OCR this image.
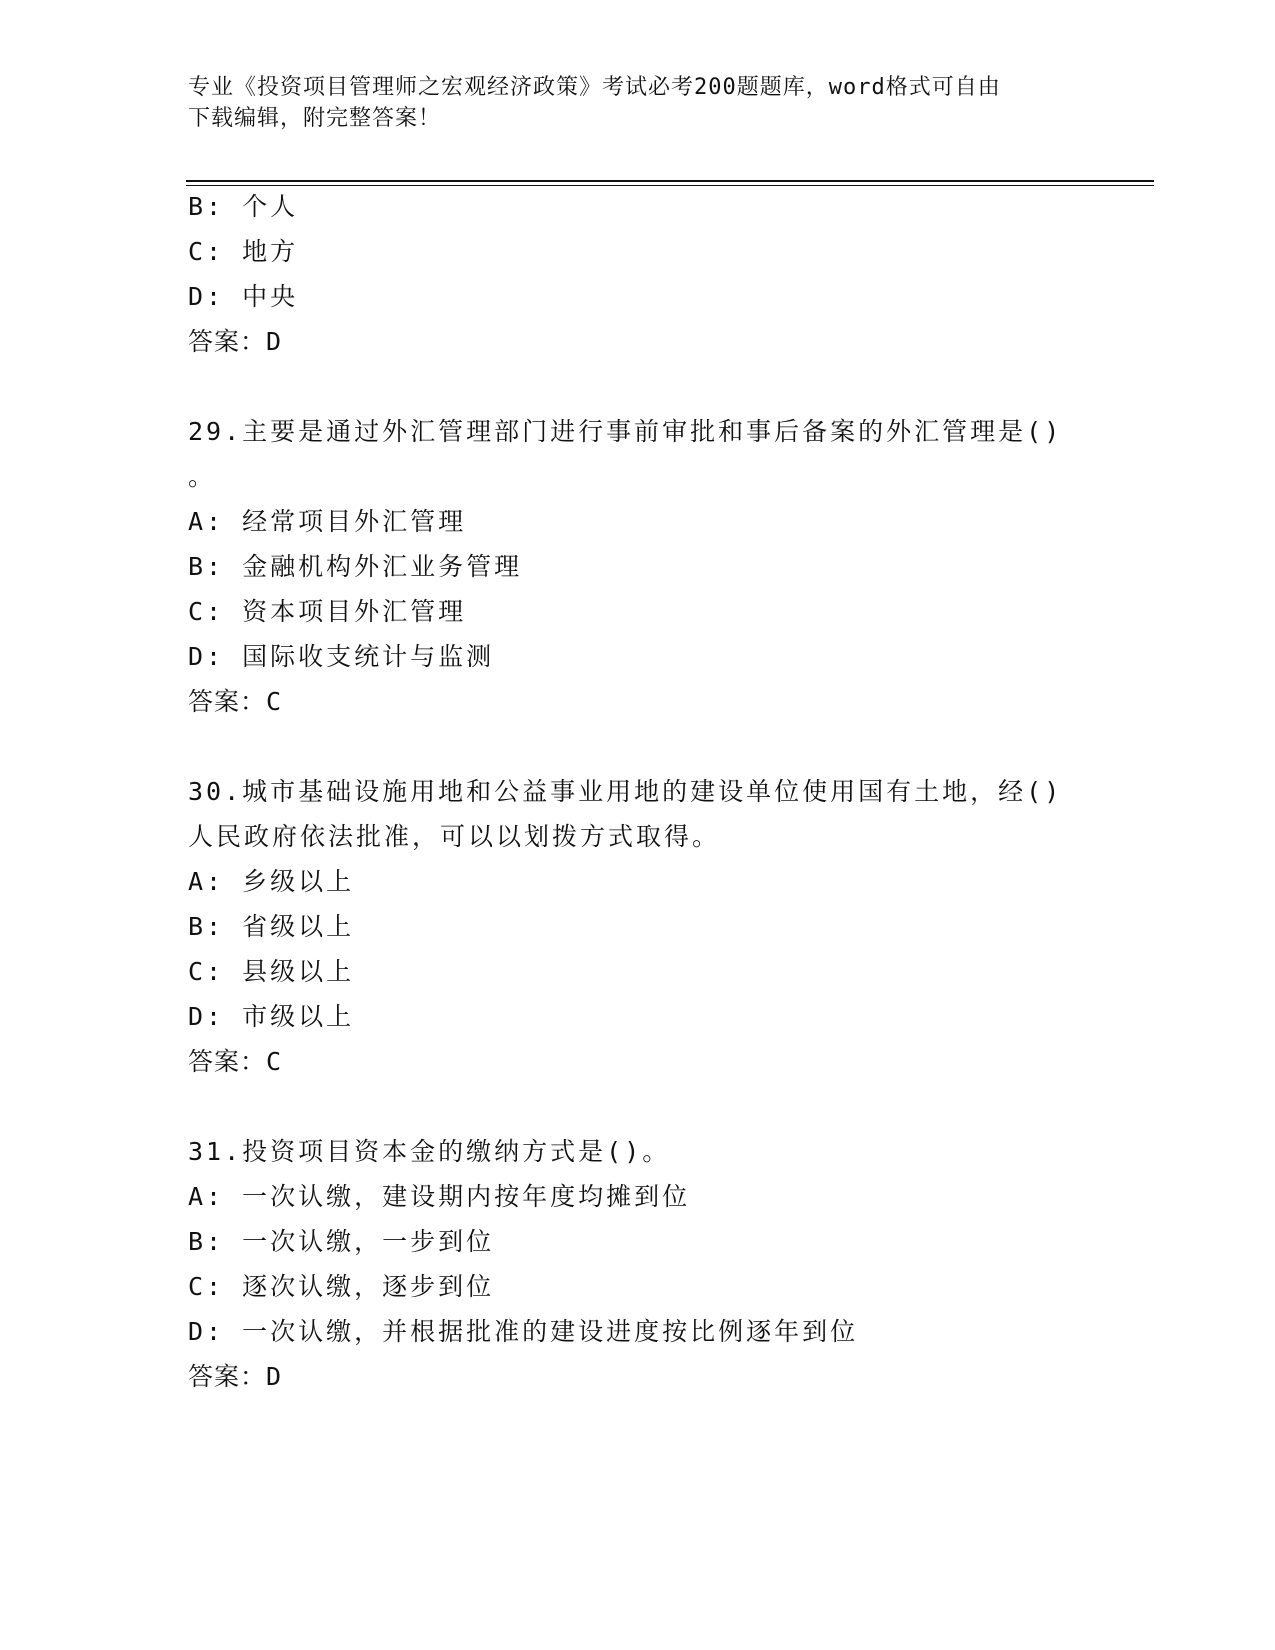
专业《投资项目管理师之宏观经济政策》考试必考200题题库，word格式可自由
下载编辑，附完整答案！
B: 个人
C: 地方
D: 中央
答案：D
29.主要是通过外汇管理部门进行事前审批和事后备案的外汇管理是()
。
A: 经常项目外汇管理
B: 金融机构外汇业务管理
C: 资本项目外汇管理
D: 国际收支统计与监测
答案：C
30.城市基础设施用地和公益事业用地的建设单位使用国有土地，经()
人民政府依法批准，可以以划拨方式取得。
A: 乡级以上
B: 省级以上
C: 县级以上
D: 市级以上
答案：C
31.投资项目资本金的缴纳方式是()。
A: 一次认缴，建设期内按年度均摊到位
B: 一次认缴，一步到位
C: 逐次认缴，逐步到位
D: 一次认缴，并根据批准的建设进度按比例逐年到位
答案：D
